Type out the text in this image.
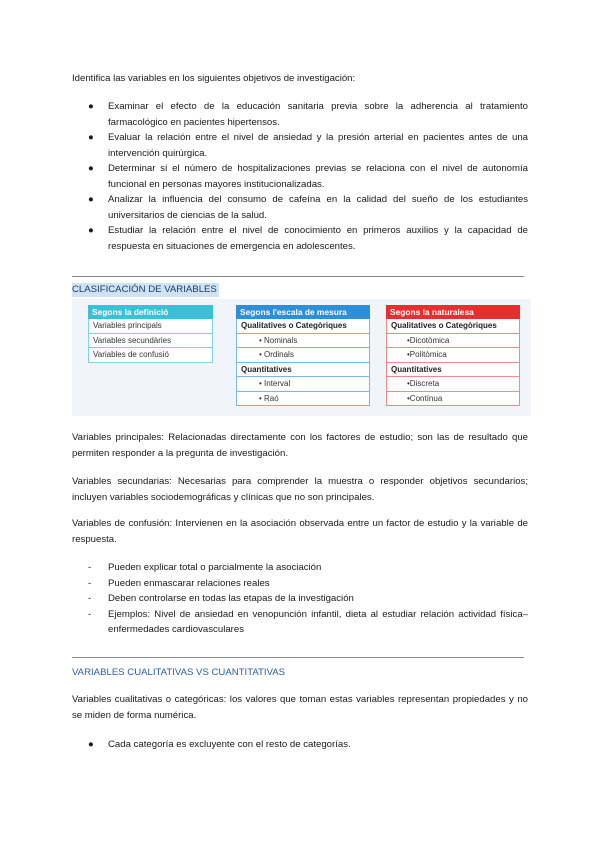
Identifica las variables en los siguientes objetivos de investigación:

● Examinar el efecto de la educación sanitaria previa sobre la adherencia al tratamiento farmacológico en pacientes hipertensos.
● Evaluar la relación entre el nivel de ansiedad y la presión arterial en pacientes antes de una intervención quirúrgica.
● Determinar si el número de hospitalizaciones previas se relaciona con el nivel de autonomía funcional en personas mayores institucionalizadas.
● Analizar la influencia del consumo de cafeína en la calidad del sueño de los estudiantes universitarios de ciencias de la salud.
● Estudiar la relación entre el nivel de conocimiento en primeros auxilios y la capacidad de respuesta en situaciones de emergencia en adolescentes.
CLASIFICACIÓN DE VARIABLES
Segons la definició
Variables principals
Variables secundàries
Variables de confusió
Segons l'escala de mesura
Qualitatives o Categòriques
• Nominals
• Ordinals
Quantitatives
• Interval
• Raó
Segons la naturalesa
Qualitatives o Categòriques
•Dicotòmica
•Politòmica
Quantitatives
•Discreta
•Contínua

Variables principales: Relacionadas directamente con los factores de estudio; son las de resultado que permiten responder a la pregunta de investigación.

Variables secundarias: Necesarias para comprender la muestra o responder objetivos secundarios; incluyen variables sociodemográficas y clínicas que no son principales.

Variables de confusión: Intervienen en la asociación observada entre un factor de estudio y la variable de respuesta.

- Pueden explicar total o parcialmente la asociación
- Pueden enmascarar relaciones reales
- Deben controlarse en todas las etapas de la investigación
- Ejemplos: Nivel de ansiedad en venopunción infantil, dieta al estudiar relación actividad física–enfermedades cardiovasculares
VARIABLES CUALITATIVAS VS CUANTITATIVAS

Variables cualitativas o categóricas: los valores que toman estas variables representan propiedades y no se miden de forma numérica.

● Cada categoría es excluyente con el resto de categorías.
